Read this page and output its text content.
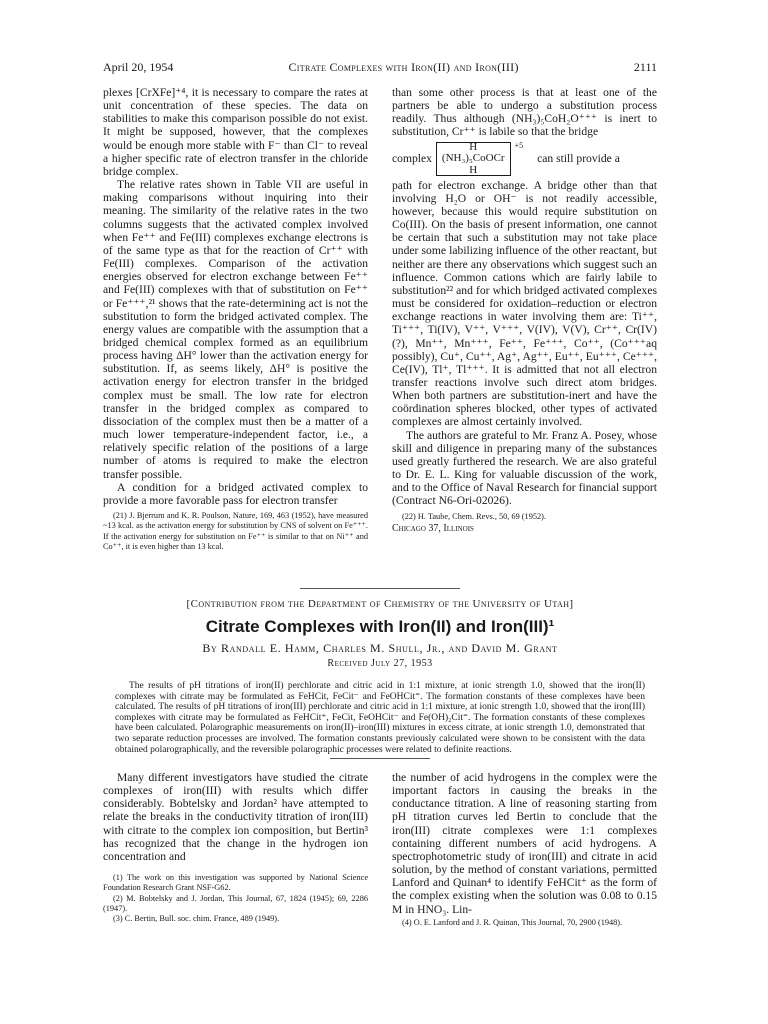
April 20, 1954	Citrate Complexes with Iron(II) and Iron(III)	2111

plexes [CrXFe]⁺⁴, it is necessary to compare the rates at unit concentration of these species. The data on stabilities to make this comparison possible do not exist. It might be supposed, however, that the complexes would be enough more stable with F⁻ than Cl⁻ to reveal a higher specific rate of electron transfer in the chloride bridge complex.

The relative rates shown in Table VII are useful in making comparisons without inquiring into their meaning. The similarity of the relative rates in the two columns suggests that the activated complex involved when Fe⁺⁺ and Fe(III) complexes exchange electrons is of the same type as that for the reaction of Cr⁺⁺ with Fe(III) complexes. Comparison of the activation energies observed for electron exchange between Fe⁺⁺ and Fe(III) complexes with that of substitution on Fe⁺⁺ or Fe⁺⁺⁺,²¹ shows that the rate-determining act is not the substitution to form the bridged activated complex. The energy values are compatible with the assumption that a bridged chemical complex formed as an equilibrium process having ΔH° lower than the activation energy for substitution. If, as seems likely, ΔH° is positive the activation energy for electron transfer in the bridged complex must be small. The low rate for electron transfer in the bridged complex as compared to dissociation of the complex must then be a matter of a much lower temperature-independent factor, i.e., a relatively specific relation of the positions of a large number of atoms is required to make the electron transfer possible.

A condition for a bridged activated complex to provide a more favorable pass for electron transfer

(21) J. Bjerrum and K. R. Poulson, Nature, 169, 463 (1952), have measured ~13 kcal. as the activation energy for substitution by CNS of solvent on Fe⁺⁺⁺. If the activation energy for substitution on Fe⁺⁺ is similar to that on Ni⁺⁺ and Co⁺⁺, it is even higher than 13 kcal.

than some other process is that at least one of the partners be able to undergo a substitution process readily. Thus although (NH₃)₅CoH₂O⁺⁺⁺ is inert to substitution, Cr⁺⁺ is labile so that the bridge

complex
H
(NH₃)₅CoOCr
H
+5
can still provide a

path for electron exchange. A bridge other than that involving H₂O or OH⁻ is not readily accessible, however, because this would require substitution on Co(III). On the basis of present information, one cannot be certain that such a substitution may not take place under some labilizing influence of the other reactant, but neither are there any observations which suggest such an influence. Common cations which are fairly labile to substitution²² and for which bridged activated complexes must be considered for oxidation–reduction or electron exchange reactions in water involving them are: Ti⁺⁺, Ti⁺⁺⁺, Ti(IV), V⁺⁺, V⁺⁺⁺, V(IV), V(V), Cr⁺⁺, Cr(IV) (?), Mn⁺⁺, Mn⁺⁺⁺, Fe⁺⁺, Fe⁺⁺⁺, Co⁺⁺, (Co⁺⁺⁺aq possibly), Cu⁺, Cu⁺⁺, Ag⁺, Ag⁺⁺, Eu⁺⁺, Eu⁺⁺⁺, Ce⁺⁺⁺, Ce(IV), Tl⁺, Tl⁺⁺⁺. It is admitted that not all electron transfer reactions involve such direct atom bridges. When both partners are substitution-inert and have the coördination spheres blocked, other types of activated complexes are almost certainly involved.

The authors are grateful to Mr. Franz A. Posey, whose skill and diligence in preparing many of the substances used greatly furthered the research. We are also grateful to Dr. E. L. King for valuable discussion of the work, and to the Office of Naval Research for financial support (Contract N6-Ori-02026).

(22) H. Taube, Chem. Revs., 50, 69 (1952).

Chicago 37, Illinois

[Contribution from the Department of Chemistry of the University of Utah]
Citrate Complexes with Iron(II) and Iron(III)¹
By Randall E. Hamm, Charles M. Shull, Jr., and David M. Grant
Received July 27, 1953
The results of pH titrations of iron(II) perchlorate and citric acid in 1:1 mixture, at ionic strength 1.0, showed that the iron(II) complexes with citrate may be formulated as FeHCit, FeCit⁻ and FeOHCit⁼. The formation constants of these complexes have been calculated. The results of pH titrations of iron(III) perchlorate and citric acid in 1:1 mixture, at ionic strength 1.0, showed that the iron(III) complexes with citrate may be formulated as FeHCit⁺, FeCit, FeOHCit⁻ and Fe(OH)₂Cit⁼. The formation constants of these complexes have been calculated. Polarographic measurements on iron(II)–iron(III) mixtures in excess citrate, at ionic strength 1.0, demonstrated that two separate reduction processes are involved. The formation constants previously calculated were shown to be consistent with the data obtained polarographically, and the reversible polarographic processes were related to definite reactions.

Many different investigators have studied the citrate complexes of iron(III) with results which differ considerably. Bobtelsky and Jordan² have attempted to relate the breaks in the conductivity titration of iron(III) with citrate to the complex ion composition, but Bertin³ has recognized that the change in the hydrogen ion concentration and

(1) The work on this investigation was supported by National Science Foundation Research Grant NSF-G62.

(2) M. Bobtelsky and J. Jordan, This Journal, 67, 1824 (1945); 69, 2286 (1947).

(3) C. Bertin, Bull. soc. chim. France, 489 (1949).

the number of acid hydrogens in the complex were the important factors in causing the breaks in the conductance titration. A line of reasoning starting from pH titration curves led Bertin to conclude that the iron(III) citrate complexes were 1:1 complexes containing different numbers of acid hydrogens. A spectrophotometric study of iron(III) and citrate in acid solution, by the method of constant variations, permitted Lanford and Quinan⁴ to identify FeHCit⁺ as the form of the complex existing when the solution was 0.08 to 0.15 M in HNO₃. Lin-

(4) O. E. Lanford and J. R. Quinan, This Journal, 70, 2900 (1948).
